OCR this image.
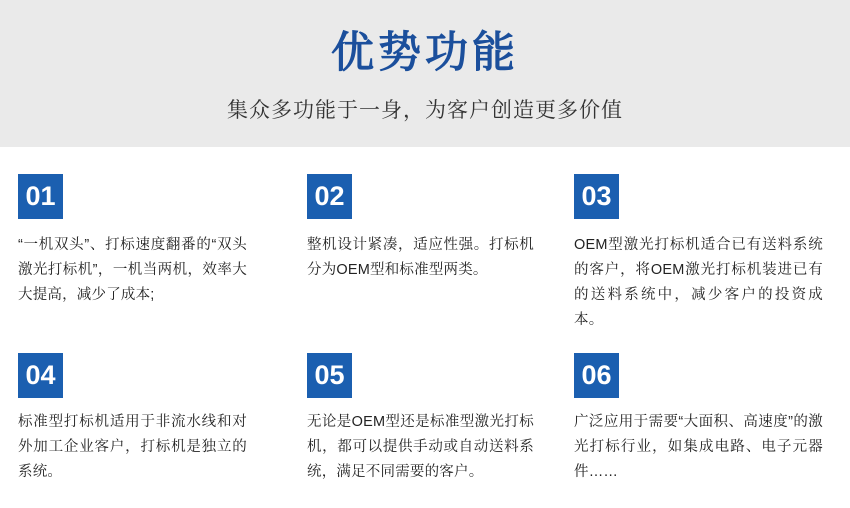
优势功能
集众多功能于一身，为客户创造更多价值
01
“一机双头”、打标速度翻番的“双头激光打标机”，一机当两机，效率大大提高，减少了成本;
02
整机设计紧凑，适应性强。打标机分为OEM型和标准型两类。
03
OEM型激光打标机适合已有送料系统的客户，将OEM激光打标机装进已有的送料系统中，减少客户的投资成本。
04
标准型打标机适用于非流水线和对外加工企业客户，打标机是独立的系统。
05
无论是OEM型还是标准型激光打标机，都可以提供手动或自动送料系统，满足不同需要的客户。
06
广泛应用于需要“大面积、高速度”的激光打标行业，如集成电路、电子元器件……
